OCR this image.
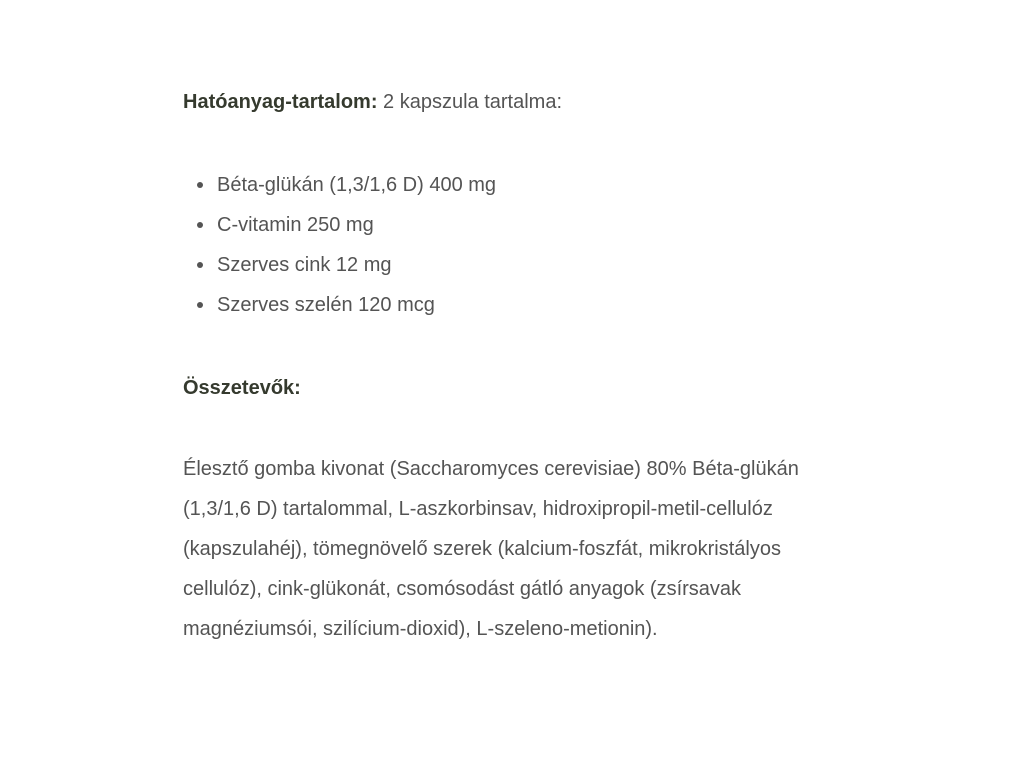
Hatóanyag-tartalom: 2 kapszula tartalma:

Béta-glükán (1,3/1,6 D) 400 mg
C-vitamin 250 mg
Szerves cink 12 mg
Szerves szelén 120 mcg

Összetevők:

Élesztő gomba kivonat (Saccharomyces cerevisiae) 80% Béta-glükán (1,3/1,6 D) tartalommal, L-aszkorbinsav, hidroxipropil-metil-cellulóz (kapszulahéj), tömegnövelő szerek (kalcium-foszfát, mikrokristályos cellulóz), cink-glükonát, csomósodást gátló anyagok (zsírsavak magnéziumsói, szilícium-dioxid), L-szeleno-metionin).
